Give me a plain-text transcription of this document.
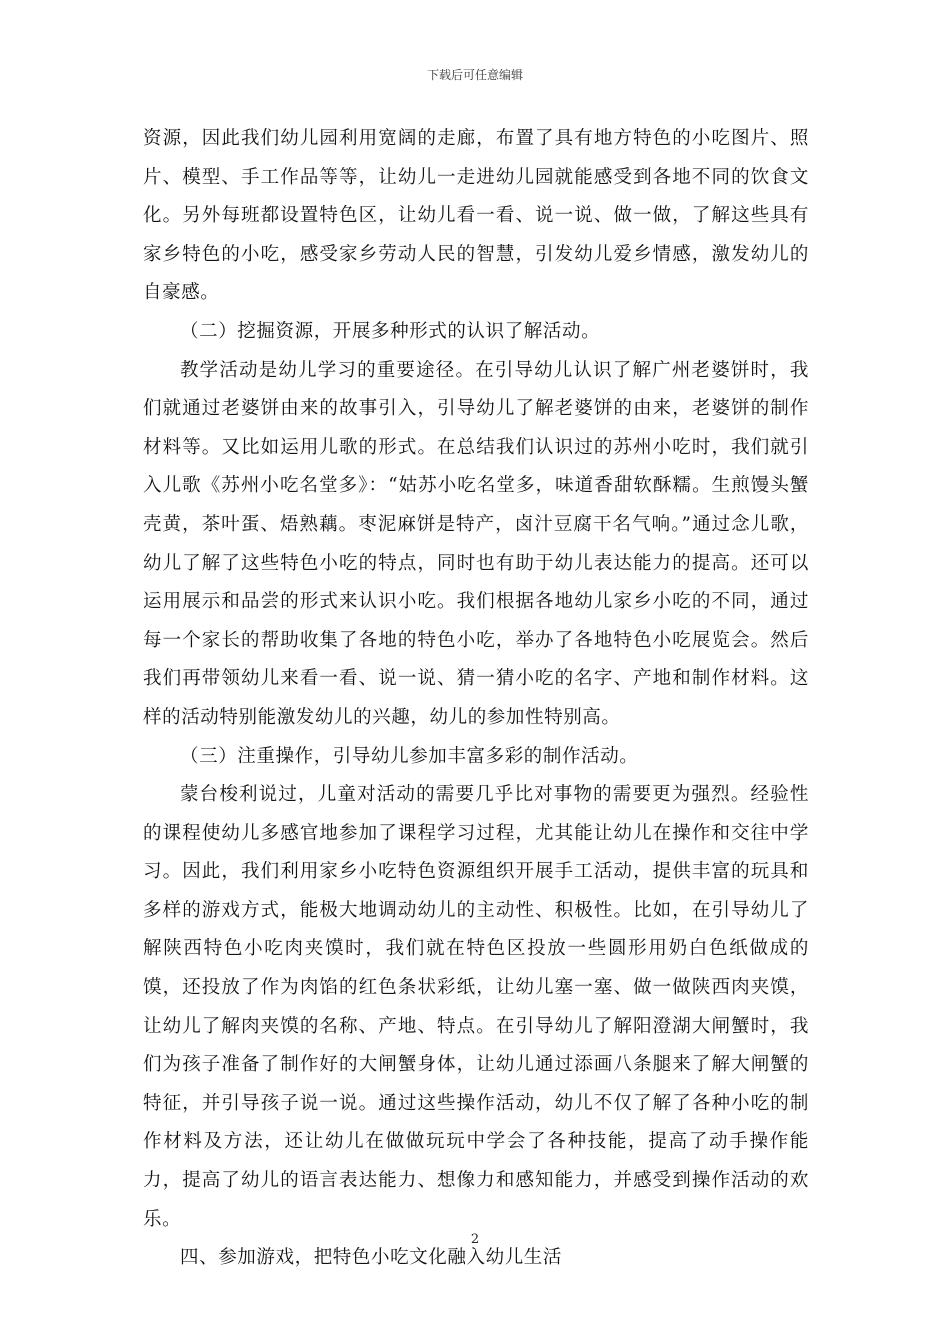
下载后可任意编辑

资源，因此我们幼儿园利用宽阔的走廊，布置了具有地方特色的小吃图片、照片、模型、手工作品等等，让幼儿一走进幼儿园就能感受到各地不同的饮食文化。另外每班都设置特色区，让幼儿看一看、说一说、做一做，了解这些具有家乡特色的小吃，感受家乡劳动人民的智慧，引发幼儿爱乡情感，激发幼儿的自豪感。

（二）挖掘资源，开展多种形式的认识了解活动。

教学活动是幼儿学习的重要途径。在引导幼儿认识了解广州老婆饼时，我们就通过老婆饼由来的故事引入，引导幼儿了解老婆饼的由来，老婆饼的制作材料等。又比如运用儿歌的形式。在总结我们认识过的苏州小吃时，我们就引入儿歌《苏州小吃名堂多》：“姑苏小吃名堂多，味道香甜软酥糯。生煎馒头蟹壳黄，茶叶蛋、焐熟藕。枣泥麻饼是特产，卤汁豆腐干名气响。”通过念儿歌，幼儿了解了这些特色小吃的特点，同时也有助于幼儿表达能力的提高。还可以运用展示和品尝的形式来认识小吃。我们根据各地幼儿家乡小吃的不同，通过每一个家长的帮助收集了各地的特色小吃，举办了各地特色小吃展览会。然后我们再带领幼儿来看一看、说一说、猜一猜小吃的名字、产地和制作材料。这样的活动特别能激发幼儿的兴趣，幼儿的参加性特别高。

（三）注重操作，引导幼儿参加丰富多彩的制作活动。

蒙台梭利说过，儿童对活动的需要几乎比对事物的需要更为强烈。经验性的课程使幼儿多感官地参加了课程学习过程，尤其能让幼儿在操作和交往中学习。因此，我们利用家乡小吃特色资源组织开展手工活动，提供丰富的玩具和多样的游戏方式，能极大地调动幼儿的主动性、积极性。比如，在引导幼儿了解陕西特色小吃肉夹馍时，我们就在特色区投放一些圆形用奶白色纸做成的馍，还投放了作为肉馅的红色条状彩纸，让幼儿塞一塞、做一做陕西肉夹馍，让幼儿了解肉夹馍的名称、产地、特点。在引导幼儿了解阳澄湖大闸蟹时，我们为孩子准备了制作好的大闸蟹身体，让幼儿通过添画八条腿来了解大闸蟹的特征，并引导孩子说一说。通过这些操作活动，幼儿不仅了解了各种小吃的制作材料及方法，还让幼儿在做做玩玩中学会了各种技能，提高了动手操作能力，提高了幼儿的语言表达能力、想像力和感知能力，并感受到操作活动的欢乐。

四、参加游戏，把特色小吃文化融入幼儿生活

2
